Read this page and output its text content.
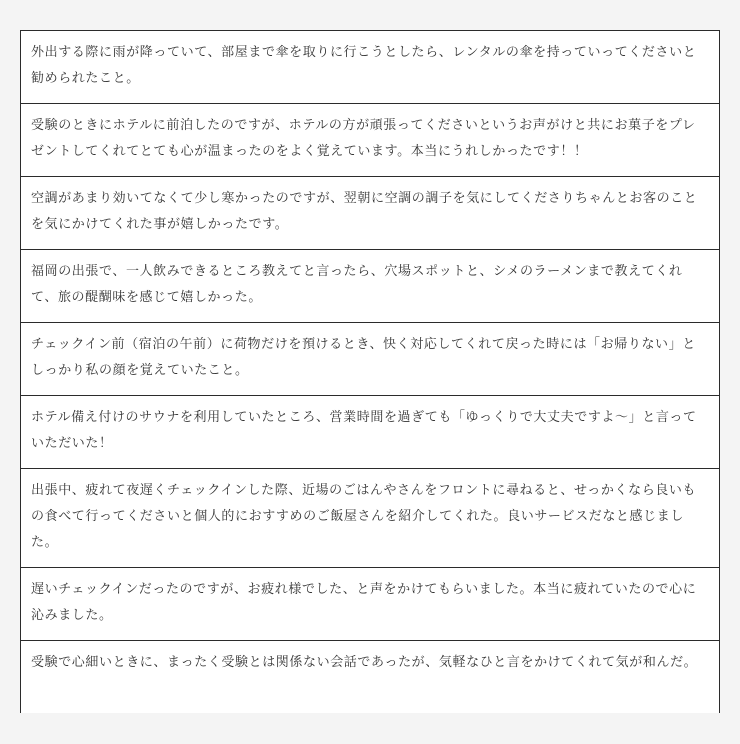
外出する際に雨が降っていて、部屋まで傘を取りに行こうとしたら、レンタルの傘を持っていってくださいと勧められたこと。

受験のときにホテルに前泊したのですが、ホテルの方が頑張ってくださいというお声がけと共にお菓子をプレゼントしてくれてとても心が温まったのをよく覚えています。本当にうれしかったです！！

空調があまり効いてなくて少し寒かったのですが、翌朝に空調の調子を気にしてくださりちゃんとお客のことを気にかけてくれた事が嬉しかったです。

福岡の出張で、一人飲みできるところ教えてと言ったら、穴場スポットと、シメのラーメンまで教えてくれて、旅の醍醐味を感じて嬉しかった。

チェックイン前（宿泊の午前）に荷物だけを預けるとき、快く対応してくれて戻った時には「お帰りない」としっかり私の顔を覚えていたこと。

ホテル備え付けのサウナを利用していたところ、営業時間を過ぎても「ゆっくりで大丈夫ですよ～」と言っていただいた！

出張中、疲れて夜遅くチェックインした際、近場のごはんやさんをフロントに尋ねると、せっかくなら良いもの食べて行ってくださいと個人的におすすめのご飯屋さんを紹介してくれた。良いサービスだなと感じました。

遅いチェックインだったのですが、お疲れ様でした、と声をかけてもらいました。本当に疲れていたので心に沁みました。

受験で心細いときに、まったく受験とは関係ない会話であったが、気軽なひと言をかけてくれて気が和んだ。
